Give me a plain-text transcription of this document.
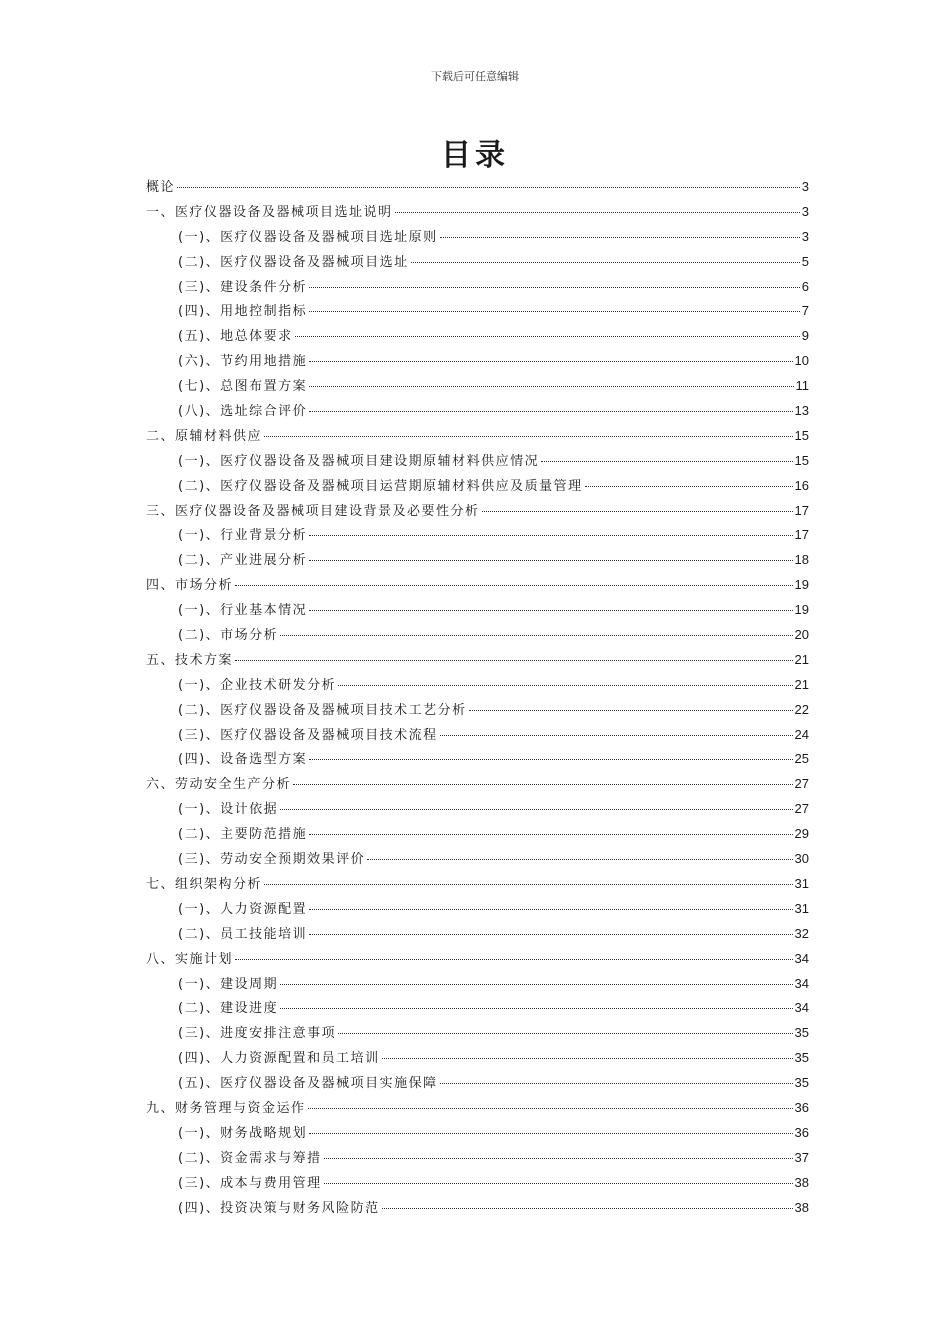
下载后可任意编辑
目录
概论	3
一、医疗仪器设备及器械项目选址说明	3
(一)、医疗仪器设备及器械项目选址原则	3
(二)、医疗仪器设备及器械项目选址	5
(三)、建设条件分析	6
(四)、用地控制指标	7
(五)、地总体要求	9
(六)、节约用地措施	10
(七)、总图布置方案	11
(八)、选址综合评价	13
二、原辅材料供应	15
(一)、医疗仪器设备及器械项目建设期原辅材料供应情况	15
(二)、医疗仪器设备及器械项目运营期原辅材料供应及质量管理	16
三、医疗仪器设备及器械项目建设背景及必要性分析	17
(一)、行业背景分析	17
(二)、产业进展分析	18
四、市场分析	19
(一)、行业基本情况	19
(二)、市场分析	20
五、技术方案	21
(一)、企业技术研发分析	21
(二)、医疗仪器设备及器械项目技术工艺分析	22
(三)、医疗仪器设备及器械项目技术流程	24
(四)、设备选型方案	25
六、劳动安全生产分析	27
(一)、设计依据	27
(二)、主要防范措施	29
(三)、劳动安全预期效果评价	30
七、组织架构分析	31
(一)、人力资源配置	31
(二)、员工技能培训	32
八、实施计划	34
(一)、建设周期	34
(二)、建设进度	34
(三)、进度安排注意事项	35
(四)、人力资源配置和员工培训	35
(五)、医疗仪器设备及器械项目实施保障	35
九、财务管理与资金运作	36
(一)、财务战略规划	36
(二)、资金需求与筹措	37
(三)、成本与费用管理	38
(四)、投资决策与财务风险防范	38
